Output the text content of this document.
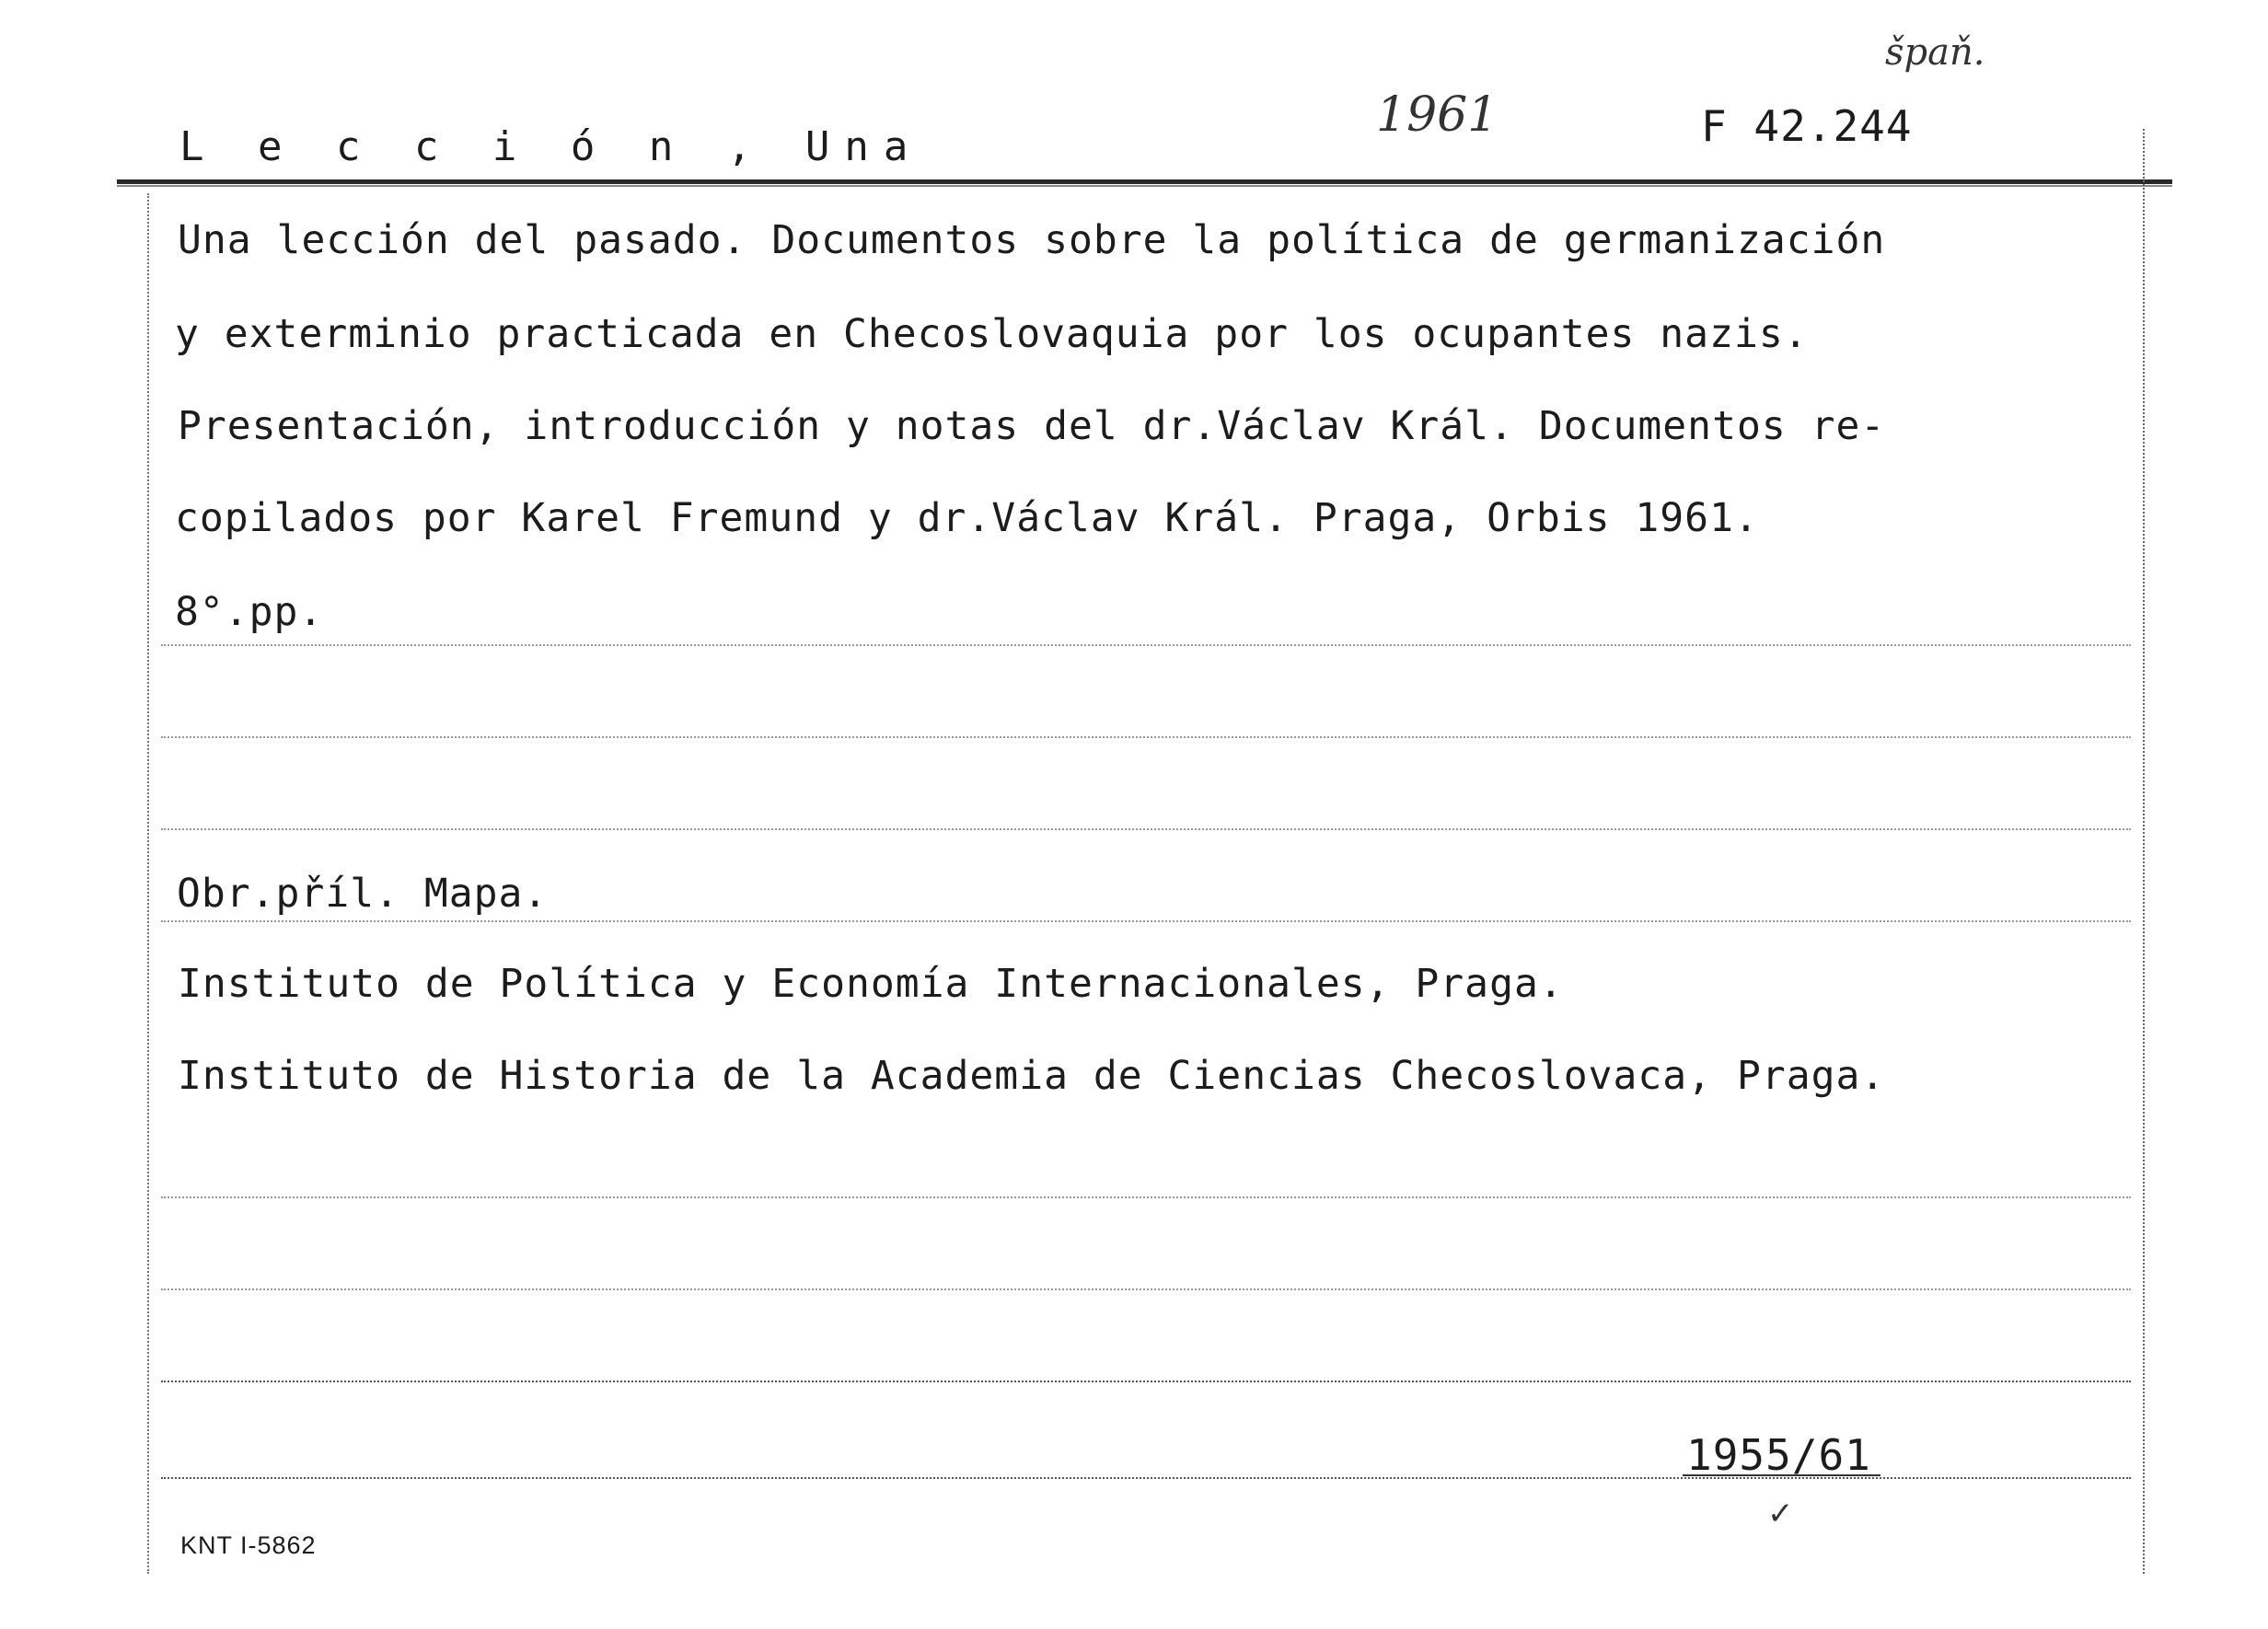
L e c c i ó n , Una
1961	F 42.244
špaň.
Una lección del pasado. Documentos sobre la política de germanización
y exterminio practicada en Checoslovaquia por los ocupantes nazis.
Presentación, introducción y notas del dr.Václav Král. Documentos re-
copilados por Karel Fremund y dr.Václav Král. Praga, Orbis 1961.
8°.pp.
Obr.příl. Mapa.
Instituto de Política y Economía Internacionales, Praga.
Instituto de Historia de la Academia de Ciencias Checoslovaca, Praga.
1955/61
✓
KNT I-5862
